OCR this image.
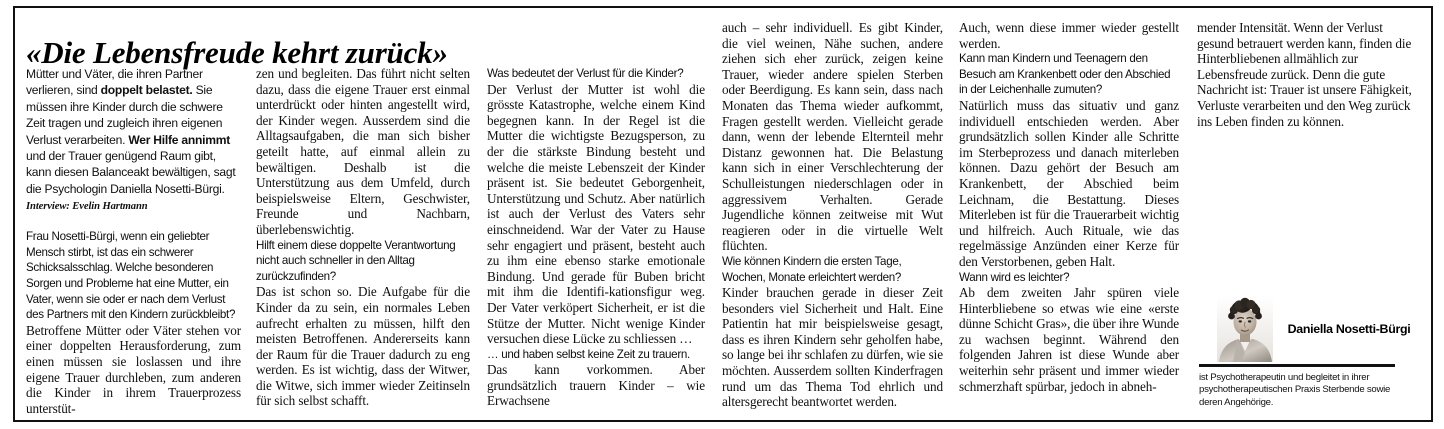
«Die Lebensfreude kehrt zurück»

Mütter und Väter, die ihren Partner verlieren, sind doppelt belastet. Sie müssen ihre Kinder durch die schwere Zeit tragen und zugleich ihren eigenen Verlust verarbeiten. Wer Hilfe annimmt und der Trauer genügend Raum gibt, kann diesen Balanceakt bewältigen, sagt die Psychologin Daniella Nosetti-Bürgi.

Interview: Evelin Hartmann

Frau Nosetti-Bürgi, wenn ein geliebter Mensch stirbt, ist das ein schwerer Schicksalsschlag. Welche besonderen Sorgen und Probleme hat eine Mutter, ein Vater, wenn sie oder er nach dem Verlust des Partners mit den Kindern zurückbleibt?

Betroffene Mütter oder Väter stehen vor einer doppelten Herausforderung, zum einen müssen sie loslassen und ihre eigene Trauer durchleben, zum anderen die Kinder in ihrem Trauerprozess unterstüt-

zen und begleiten. Das führt nicht selten dazu, dass die eigene Trauer erst einmal unterdrückt oder hinten angestellt wird, der Kinder wegen. Ausserdem sind die Alltagsaufgaben, die man sich bisher geteilt hatte, auf einmal allein zu bewältigen. Deshalb ist die Unterstützung aus dem Umfeld, durch beispielsweise Eltern, Geschwister, Freunde und Nachbarn, überlebenswichtig.

Hilft einem diese doppelte Verantwortung nicht auch schneller in den Alltag zurückzufinden?

Das ist schon so. Die Aufgabe für die Kinder da zu sein, ein normales Leben aufrecht erhalten zu müssen, hilft den meisten Betroffenen. Andererseits kann der Raum für die Trauer dadurch zu eng werden. Es ist wichtig, dass der Witwer, die Witwe, sich immer wieder Zeitinseln für sich selbst schafft.

Was bedeutet der Verlust für die Kinder?

Der Verlust der Mutter ist wohl die grösste Katastrophe, welche einem Kind begegnen kann. In der Regel ist die Mutter die wichtigste Bezugsperson, zu der die stärkste Bindung besteht und welche die meiste Lebenszeit der Kinder präsent ist. Sie bedeutet Geborgenheit, Unterstützung und Schutz. Aber natürlich ist auch der Verlust des Vaters sehr einschneidend. War der Vater zu Hause sehr engagiert und präsent, besteht auch zu ihm eine ebenso starke emotionale Bindung. Und gerade für Buben bricht mit ihm die Identifi-kationsfigur weg. Der Vater verköpert Sicherheit, er ist die Stütze der Mutter. Nicht wenige Kinder versuchen diese Lücke zu schliessen …

… und haben selbst keine Zeit zu trauern.

Das kann vorkommen. Aber grundsätzlich trauern Kinder – wie Erwachsene

auch – sehr individuell. Es gibt Kinder, die viel weinen, Nähe suchen, andere ziehen sich eher zurück, zeigen keine Trauer, wieder andere spielen Sterben oder Beerdigung. Es kann sein, dass nach Monaten das Thema wieder aufkommt, Fragen gestellt werden. Vielleicht gerade dann, wenn der lebende Elternteil mehr Distanz gewonnen hat. Die Belastung kann sich in einer Verschlechterung der Schulleistungen niederschlagen oder in aggressivem Verhalten. Gerade Jugendliche können zeitweise mit Wut reagieren oder in die virtuelle Welt flüchten.

Wie können Kindern die ersten Tage, Wochen, Monate erleichtert werden?

Kinder brauchen gerade in dieser Zeit besonders viel Sicherheit und Halt. Eine Patientin hat mir beispielsweise gesagt, dass es ihren Kindern sehr geholfen habe, so lange bei ihr schlafen zu dürfen, wie sie möchten. Ausserdem sollten Kinderfragen rund um das Thema Tod ehrlich und altersgerecht beantwortet werden.

Auch, wenn diese immer wieder gestellt werden.

Kann man Kindern und Teenagern den Besuch am Krankenbett oder den Abschied in der Leichenhalle zumuten?

Natürlich muss das situativ und ganz individuell entschieden werden. Aber grundsätzlich sollen Kinder alle Schritte im Sterbeprozess und danach miterleben können. Dazu gehört der Besuch am Krankenbett, der Abschied beim Leichnam, die Bestattung. Dieses Miterleben ist für die Trauerarbeit wichtig und hilfreich. Auch Rituale, wie das regelmässige Anzünden einer Kerze für den Verstorbenen, geben Halt.

Wann wird es leichter?

Ab dem zweiten Jahr spüren viele Hinterbliebene so etwas wie eine «erste dünne Schicht Gras», die über ihre Wunde zu wachsen beginnt. Während den folgenden Jahren ist diese Wunde aber weiterhin sehr präsent und immer wieder schmerzhaft spürbar, jedoch in abneh-

mender Intensität. Wenn der Verlust gesund betrauert werden kann, finden die Hinterbliebenen allmählich zur Lebensfreude zurück. Denn die gute Nachricht ist: Trauer ist unsere Fähigkeit, Verluste verarbeiten und den Weg zurück ins Leben finden zu können.

Daniella Nosetti-Bürgi
ist Psychotherapeutin und begleitet in ihrer psychotherapeutischen Praxis Sterbende sowie deren Angehörige.
